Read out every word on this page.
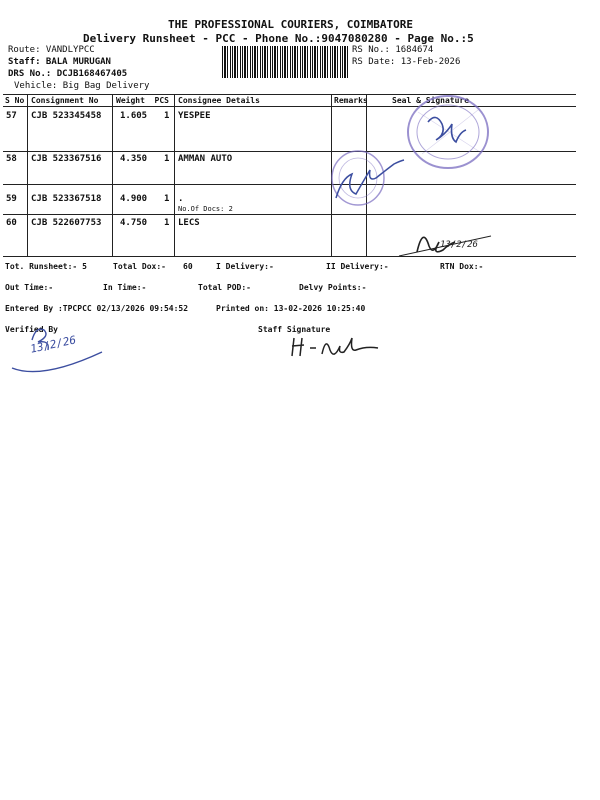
THE PROFESSIONAL COURIERS, COIMBATORE
Delivery Runsheet - PCC - Phone No.:9047080280 - Page No.:5
Route: VANDLYPCC
Staff: BALA MURUGAN
DRS No.: DCJB168467405
Vehicle: Big Bag Delivery
RS No.: 1684674
RS Date: 13-Feb-2026
S No Consignment No Weight  PCS Consignee Details	Remarks	Seal & Signature
57 CJB 523345458 1.605 1 YESPEE
58 CJB 523367516 4.350 1 AMMAN AUTO
59 CJB 523367518 4.900 1 .
No.Of Docs: 2
60 CJB 522607753 4.750 1 LECS
13/2/26
Tot. Runsheet:- 5	Total Dox:- 60	I Delivery:-	II Delivery:-	RTN Dox:-
Out Time:-	In Time:-	Total POD:-	Delvy Points:-
Entered By :TPCPCC 02/13/2026 09:54:52	Printed on: 13-02-2026 10:25:40
Verified By	Staff Signature
13/2/26
